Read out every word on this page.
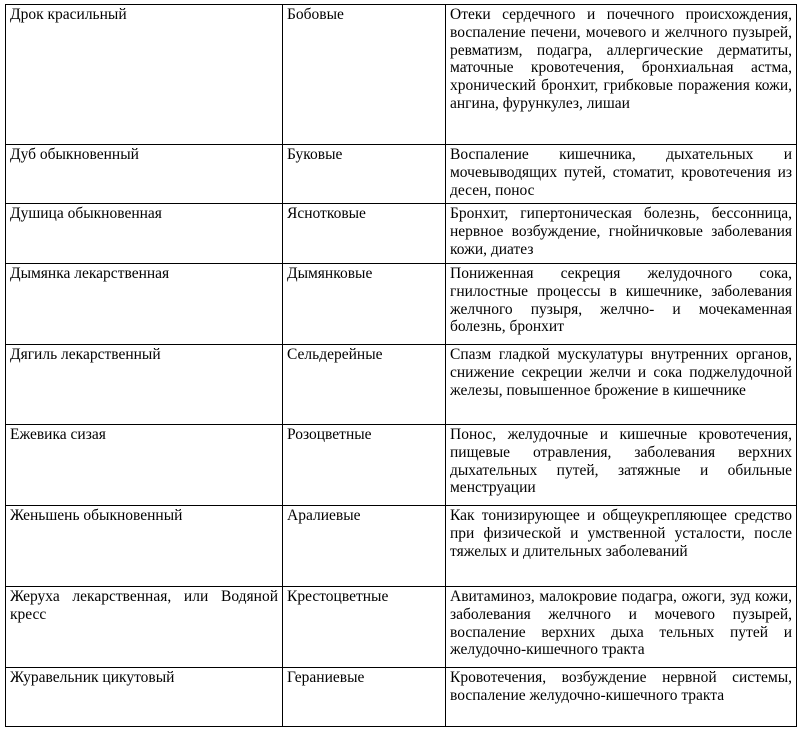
Дрок красильный	Бобовые	Отеки сердечного и почечного происхождения, воспаление печени, мочевого и желчного пузырей, ревматизм, подагра, аллергические дерматиты, маточные кровотечения, бронхиальная астма, хронический бронхит, грибковые поражения кожи, ангина, фурункулез, лишаи
Дуб обыкновенный	Буковые	Воспаление кишечника, дыхательных и мочевыводящих путей, стоматит, кровотечения из десен, понос
Душица обыкновенная	Яснотковые	Бронхит, гипертоническая болезнь, бессонница, нервное возбуждение, гнойничковые заболевания кожи, диатез
Дымянка лекарственная	Дымянковые	Пониженная секреция желудочного сока, гнилостные процессы в кишечнике, заболевания желчного пузыря, желчно- и мочекаменная болезнь, бронхит
Дягиль лекарственный	Сельдерейные	Спазм гладкой мускулатуры внутренних органов, снижение секреции желчи и сока поджелудочной железы, повышенное брожение в кишечнике
Ежевика сизая	Розоцветные	Понос, желудочные и кишечные кровотечения, пищевые отравления, заболевания верхних дыхательных путей, затяжные и обильные менструации
Женьшень обыкновенный	Аралиевые	Как тонизирующее и общеукрепляющее средство при физической и умственной усталости, после тяжелых и длительных заболеваний
Жеруха лекарственная, или Водяной кресс	Крестоцветные	Авитаминоз, малокровие подагра, ожоги, зуд кожи, заболевания желчного и мочевого пузырей, воспаление верхних дыха тельных путей и желудочно-кишечного тракта
Журавельник цикутовый	Гераниевые	Кровотечения, возбуждение нервной системы, воспаление желудочно-кишечного тракта
